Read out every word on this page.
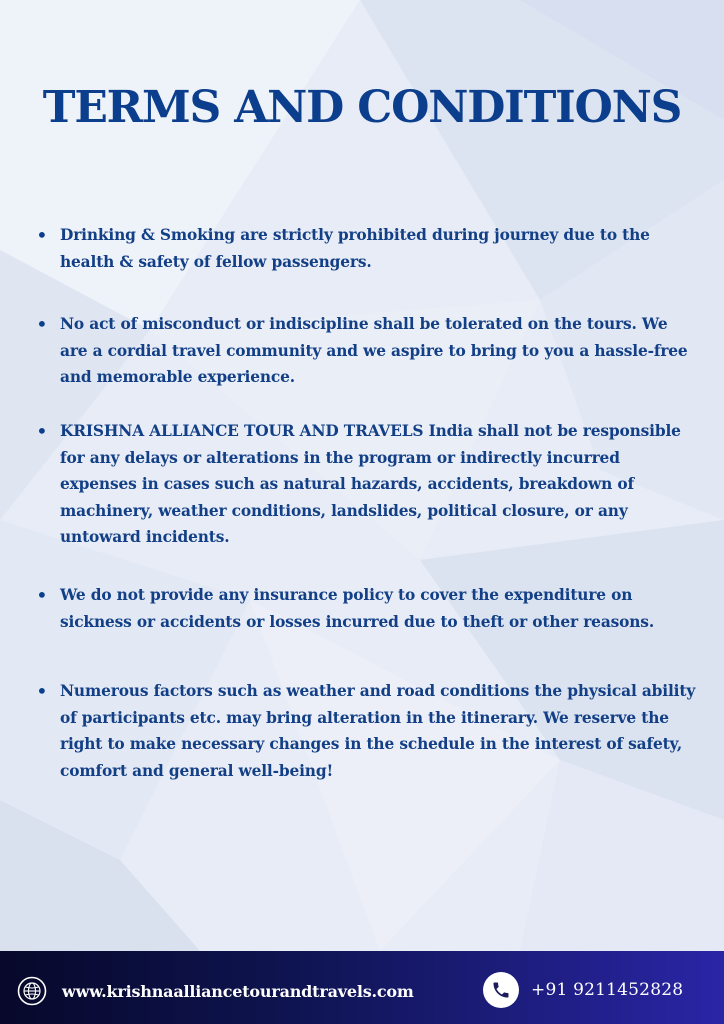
TERMS AND CONDITIONS
• Drinking & Smoking are strictly prohibited during journey due to the health & safety of fellow passengers.
• No act of misconduct or indiscipline shall be tolerated on the tours. We are a cordial travel community and we aspire to bring to you a hassle-free and memorable experience.
• KRISHNA ALLIANCE TOUR AND TRAVELS India shall not be responsible for any delays or alterations in the program or indirectly incurred expenses in cases such as natural hazards, accidents, breakdown of machinery, weather conditions, landslides, political closure, or any untoward incidents.
• We do not provide any insurance policy to cover the expenditure on sickness or accidents or losses incurred due to theft or other reasons.
• Numerous factors such as weather and road conditions the physical ability of participants etc. may bring alteration in the itinerary. We reserve the right to make necessary changes in the schedule in the interest of safety, comfort and general well-being!
www.krishnaalliancetourandtravels.com	+91 9211452828
